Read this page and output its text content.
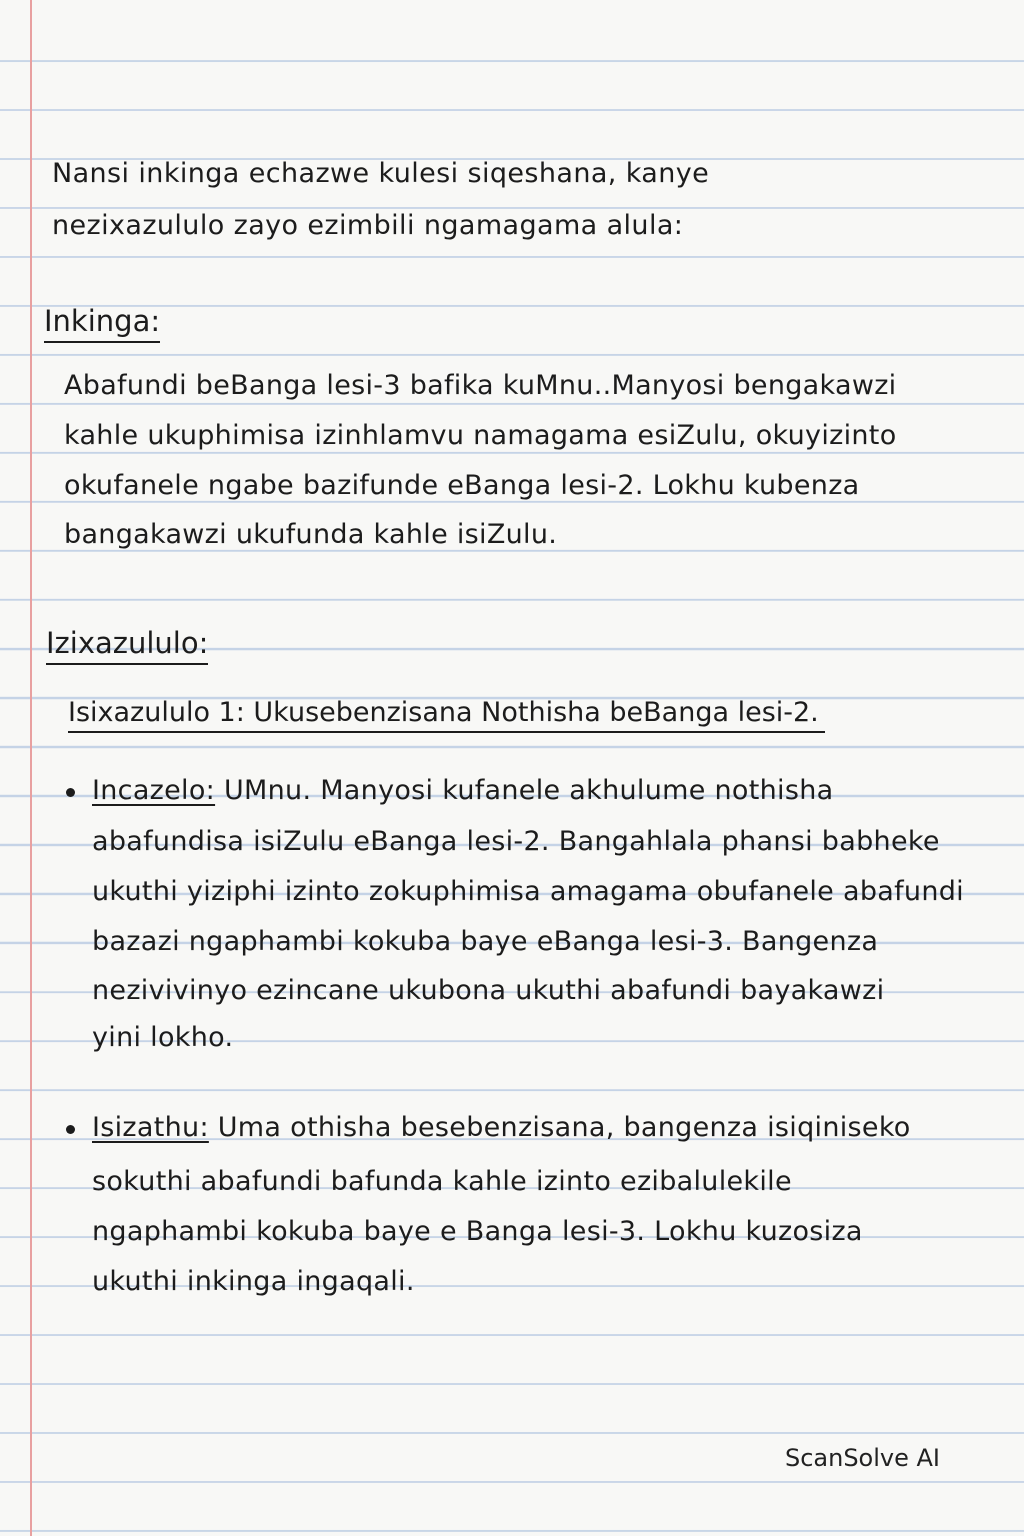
Nansi inkinga echazwe kulesi siqeshana, kanye

nezixazululo zayo ezimbili ngamagama alula:

Inkinga:

Abafundi beBanga lesi-3 bafika kuMnu..Manyosi bengakawzi

kahle ukuphimisa izinhlamvu namagama esiZulu, okuyizinto

okufanele ngabe bazifunde eBanga lesi-2. Lokhu kubenza

bangakawzi ukufunda kahle isiZulu.

Izixazululo:

Isixazululo 1: Ukusebenzisana Nothisha beBanga lesi-2.

Incazelo: UMnu. Manyosi kufanele akhulume nothisha

abafundisa isiZulu eBanga lesi-2. Bangahlala phansi babheke

ukuthi yiziphi izinto zokuphimisa amagama obufanele abafundi

bazazi ngaphambi kokuba baye eBanga lesi-3. Bangenza

nezivivinyo ezincane ukubona ukuthi abafundi bayakawzi

yini lokho.

Isizathu: Uma othisha besebenzisana, bangenza isiqiniseko

sokuthi abafundi bafunda kahle izinto ezibalulekile

ngaphambi kokuba baye e Banga lesi-3. Lokhu kuzosiza

ukuthi inkinga ingaqali.

ScanSolve AI
